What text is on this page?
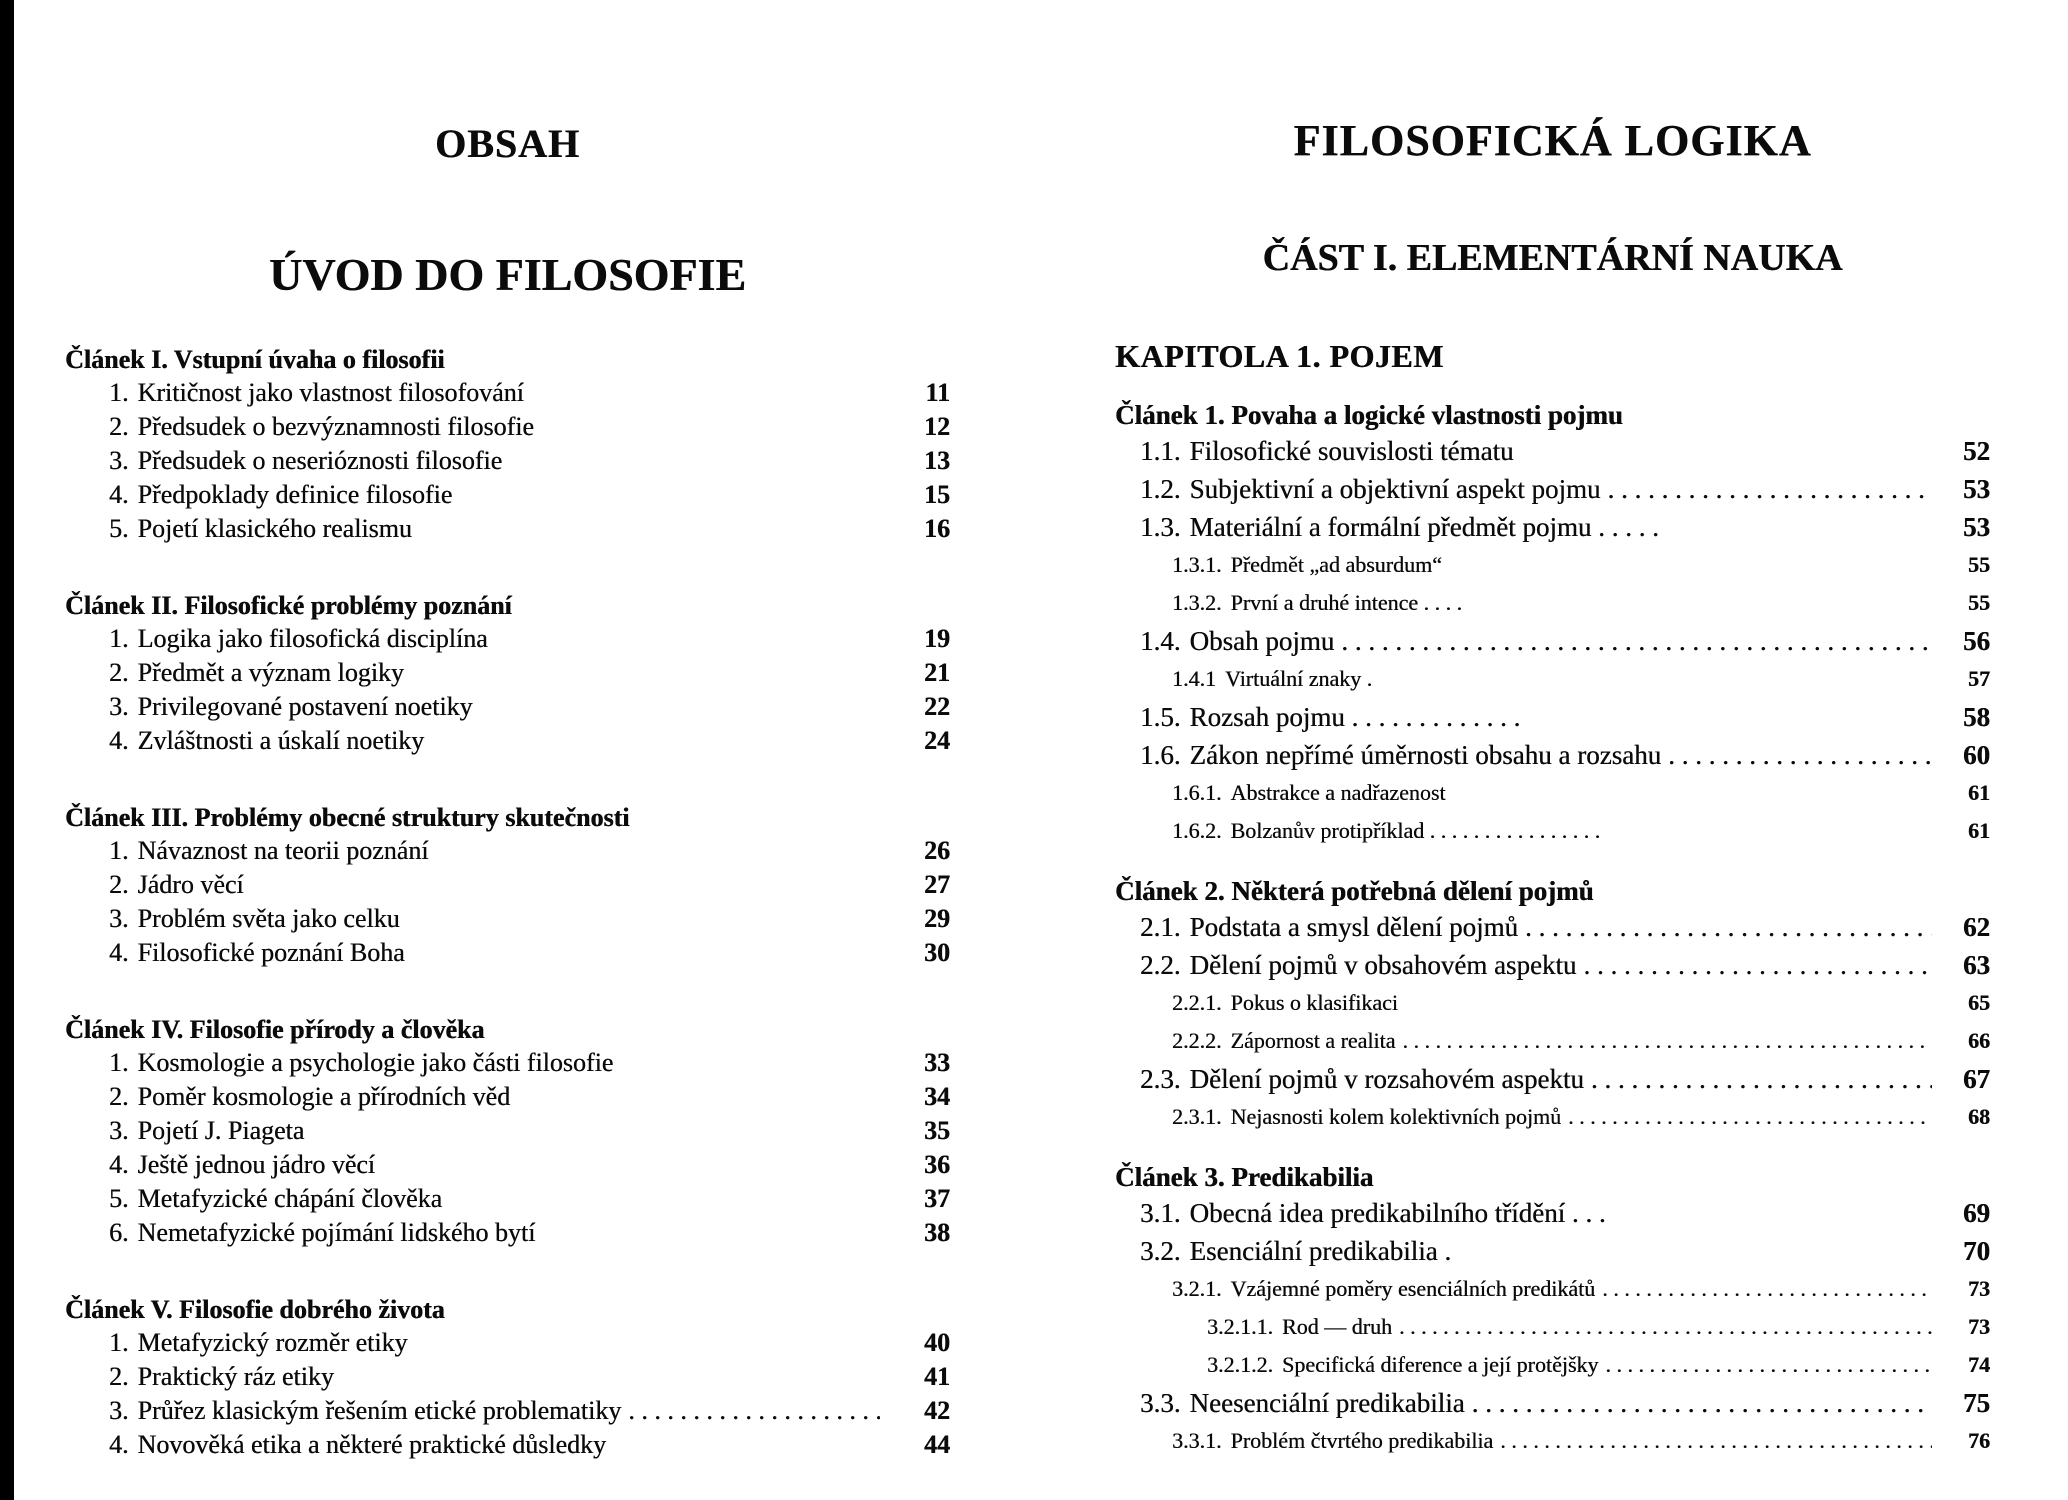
OBSAH
ÚVOD DO FILOSOFIE
Článek I. Vstupní úvaha o filosofii
1. Kritičnost jako vlastnost filosofování	11
2. Předsudek o bezvýznamnosti filosofie	12
3. Předsudek o neserióznosti filosofie	13
4. Předpoklady definice filosofie	15
5. Pojetí klasického realismu	16
Článek II. Filosofické problémy poznání
1. Logika jako filosofická disciplína	19
2. Předmět a význam logiky	21
3. Privilegované postavení noetiky	22
4. Zvláštnosti a úskalí noetiky	24
Článek III. Problémy obecné struktury skutečnosti
1. Návaznost na teorii poznání	26
2. Jádro věcí	27
3. Problém světa jako celku	29
4. Filosofické poznání Boha	30
Článek IV. Filosofie přírody a člověka
1. Kosmologie a psychologie jako části filosofie	33
2. Poměr kosmologie a přírodních věd	34
3. Pojetí J. Piageta	35
4. Ještě jednou jádro věcí	36
5. Metafyzické chápání člověka	37
6. Nemetafyzické pojímání lidského bytí	38
Článek V. Filosofie dobrého života
1. Metafyzický rozměr etiky	40
2. Praktický ráz etiky	41
3. Průřez klasickým řešením etické problematiky . . .	42
4. Novověká etika a některé praktické důsledky	44
FILOSOFICKÁ LOGIKA
ČÁST I. ELEMENTÁRNÍ NAUKA
KAPITOLA 1. POJEM
Článek 1. Povaha a logické vlastnosti pojmu
1.1. Filosofické souvislosti tématu	52
1.2. Subjektivní a objektivní aspekt pojmu . . .	53
1.3. Materiální a formální předmět pojmu . . . . .	53
1.3.1. Předmět „ad absurdum“	55
1.3.2. První a druhé intence . . . .	55
1.4. Obsah pojmu . . .	56
1.4.1 Virtuální znaky .	57
1.5. Rozsah pojmu . . . . . . . . . . . . .	58
1.6. Zákon nepřímé úměrnosti obsahu a rozsahu . . .	60
1.6.1. Abstrakce a nadřazenost	61
1.6.2. Bolzanův protipříklad . . . . . . . . . . . . . . . .	61
Článek 2. Některá potřebná dělení pojmů
2.1. Podstata a smysl dělení pojmů . . .	62
2.2. Dělení pojmů v obsahovém aspektu . . .	63
2.2.1. Pokus o klasifikaci	65
2.2.2. Zápornost a realita . . .	66
2.3. Dělení pojmů v rozsahovém aspektu . . .	67
2.3.1. Nejasnosti kolem kolektivních pojmů . . .	68
Článek 3. Predikabilia
3.1. Obecná idea predikabilního třídění . . .	69
3.2. Esenciální predikabilia .	70
3.2.1. Vzájemné poměry esenciálních predikátů . . .	73
3.2.1.1. Rod — druh . . .	73
3.2.1.2. Specifická diference a její protějšky . . .	74
3.3. Neesenciální predikabilia . . .	75
3.3.1. Problém čtvrtého predikabilia . . .	76
